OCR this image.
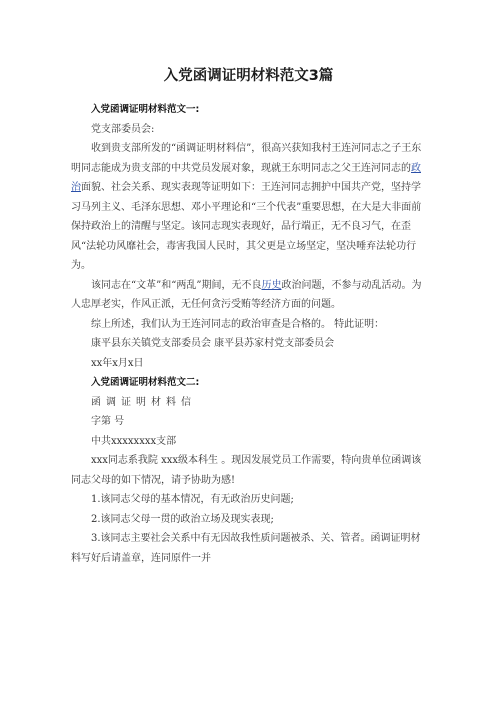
入党函调证明材料范文3篇
入党函调证明材料范文一:

党支部委员会:

收到贵支部所发的“函调证明材料信”，很高兴获知我村王连河同志之子王东明同志能成为贵支部的中共党员发展对象，现就王东明同志之父王连河同志的政治面貌、社会关系、现实表现等证明如下：王连河同志拥护中国共产党，坚持学习马列主义、毛泽东思想、邓小平理论和“三个代表”重要思想，在大是大非面前保持政治上的清醒与坚定。该同志现实表现好，品行端正，无不良习气，在歪风“法轮功风靡社会，毒害我国人民时，其父更是立场坚定，坚决唾弃法轮功行为。

该同志在“文革”和“两乱”期间，无不良历史政治问题，不参与动乱活动。为人忠厚老实，作风正派，无任何贪污受贿等经济方面的问题。

综上所述，我们认为王连河同志的政治审查是合格的。 特此证明：

康平县东关镇党支部委员会 康平县苏家村党支部委员会

xx年x月x日

入党函调证明材料范文二:

函调证明材料信

字第 号

中共xxxxxxxx支部

xxx同志系我院 xxx级本科生 。现因发展党员工作需要，特向贵单位函调该同志父母的如下情况，请予协助为感!

1.该同志父母的基本情况，有无政治历史问题;

2.该同志父母一贯的政治立场及现实表现;

3.该同志主要社会关系中有无因故我性质问题被杀、关、管者。函调证明材料写好后请盖章，连同原件一并
